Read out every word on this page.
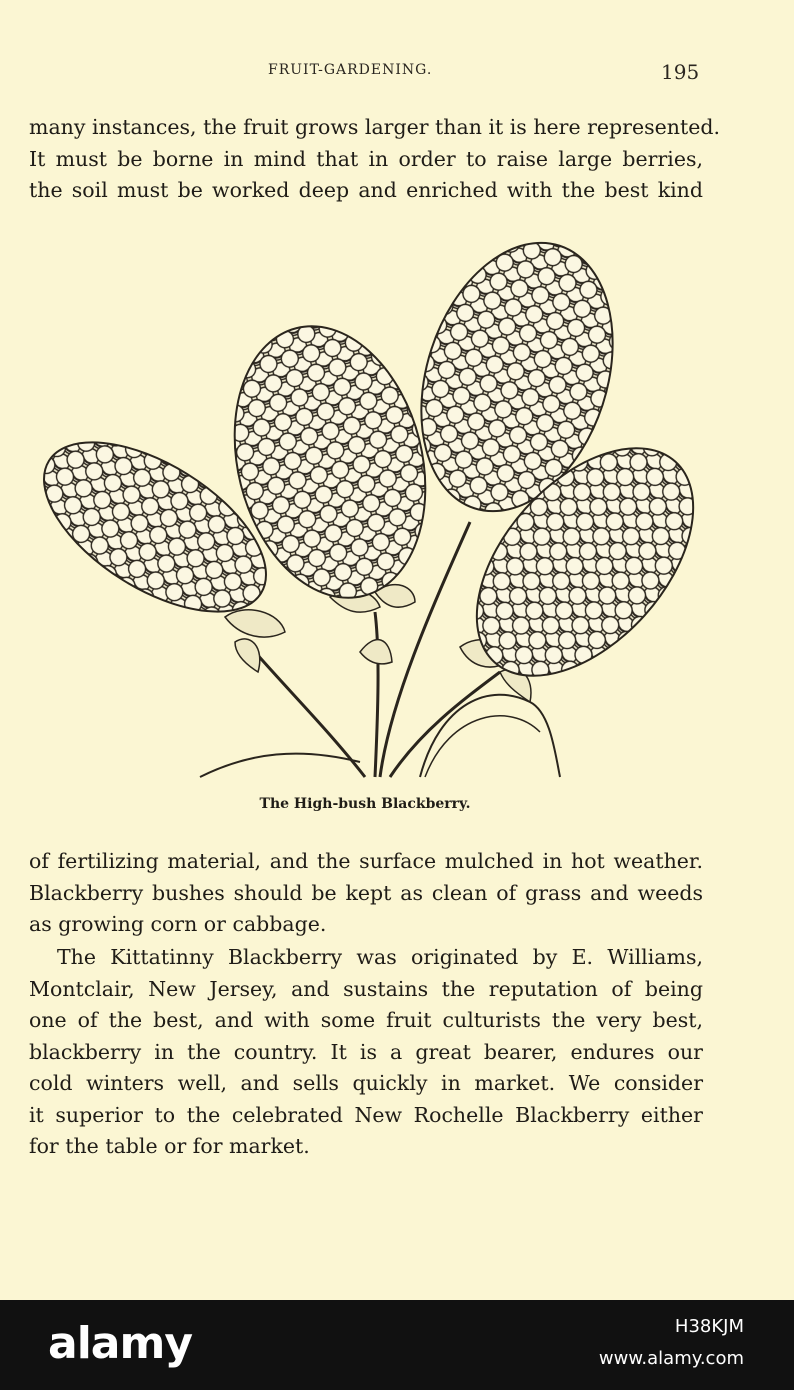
FRUIT-GARDENING.	195

many instances, the fruit grows larger than it is here represented.
It must be borne in mind that in order to raise large berries,
the soil must be worked deep and enriched with the best kind

The High-bush Blackberry.

of fertilizing material, and the surface mulched in hot weather.
Blackberry bushes should be kept as clean of grass and weeds
as growing corn or cabbage.

The Kittatinny Blackberry was originated by E. Williams,
Montclair, New Jersey, and sustains the reputation of being
one of the best, and with some fruit culturists the very best,
blackberry in the country. It is a great bearer, endures our
cold winters well, and sells quickly in market. We consider
it superior to the celebrated New Rochelle Blackberry either
for the table or for market.

alamy	H38KJM
www.alamy.com
